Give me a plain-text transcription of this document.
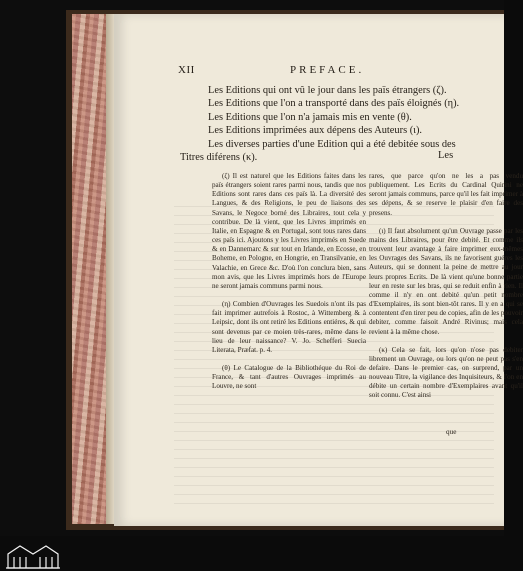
XII	PREFACE.
Les Editions qui ont vû le jour dans les païs étrangers (ζ).
Les Editions que l'on a transporté dans des païs éloignés (η).
Les Editions que l'on n'a jamais mis en vente (θ).
Les Editions imprimées aux dépens des Auteurs (ι).
Les diverses parties d'une Edition qui a été debitée sous des
Titres diférens (κ).	Les

(ζ) Il est naturel que les Editions faites dans les païs étrangers soient rares parmi nous, tandis que nos Editions sont rares dans ces païs là. La diversité des Langues, & des Religions, le peu de liaisons des Savans, le Negoce borné des Libraires, tout cela y contribue. De là vient, que les Livres imprimés en Italie, en Espagne & en Portugal, sont tous rares dans ces païs ici. Ajoutons y les Livres imprimés en Suede & en Dannemarc & sur tout en Irlande, en Ecosse, en Boheme, en Pologne, en Hongrie, en Transilvanie, en Valachie, en Grece &c. D'où l'on conclura bien, sans mon avis, que les Livres imprimés hors de l'Europe ne seront jamais communs parmi nous.

(η) Combien d'Ouvrages les Suedois n'ont ils pas fait imprimer autrefois à Rostoc, à Wittemberg & à Leipsic, dont ils ont retiré les Editions entiéres, & qui sont devenus par ce moien très-rares, même dans le lieu de leur naissance? V. Jo. Schefferi Suecia Literata, Præfat. p. 4.

(θ) Le Catalogue de la Bibliothéque du Roi de France, & tant d'autres Ouvrages imprimés au Louvre, ne sont

rares, que parce qu'on ne les a pas vendu publiquement. Les Ecrits du Cardinal Quirini ne seront jamais communs, parce qu'il les fait imprimer à ses dépens, & se reserve le plaisir d'en faire des presens.

(ι) Il faut absolument qu'un Ouvrage passe par les mains des Libraires, pour être debité. Et comme ils trouvent leur avantage à faire imprimer eux-mêmes les Ouvrages des Savans, ils ne favorisent guéres les Auteurs, qui se donnent la peine de mettre au jour leurs propres Ecrits. De là vient qu'une bonne partie leur en reste sur les bras, qui se reduit enfin à rien. Il comme il n'y en ont debité qu'un petit nombre d'Exemplaires, ils sont bien-tôt rares. Il y en a qui se contentent d'en tirer peu de copies, afin de les pouvoir debiter, comme faisoit André Rivinus; mais cela revient à la même chose.

(κ) Cela se fait, lors qu'on n'ose pas debiter librement un Ouvrage, ou lors qu'on ne peut pas s'en defaire. Dans le premier cas, on surprend, par un nouveau Titre, la vigilance des Inquisiteurs, & l'on en débite un certain nombre d'Exemplaires avant qu'il soit connu. C'est ainsi

que
